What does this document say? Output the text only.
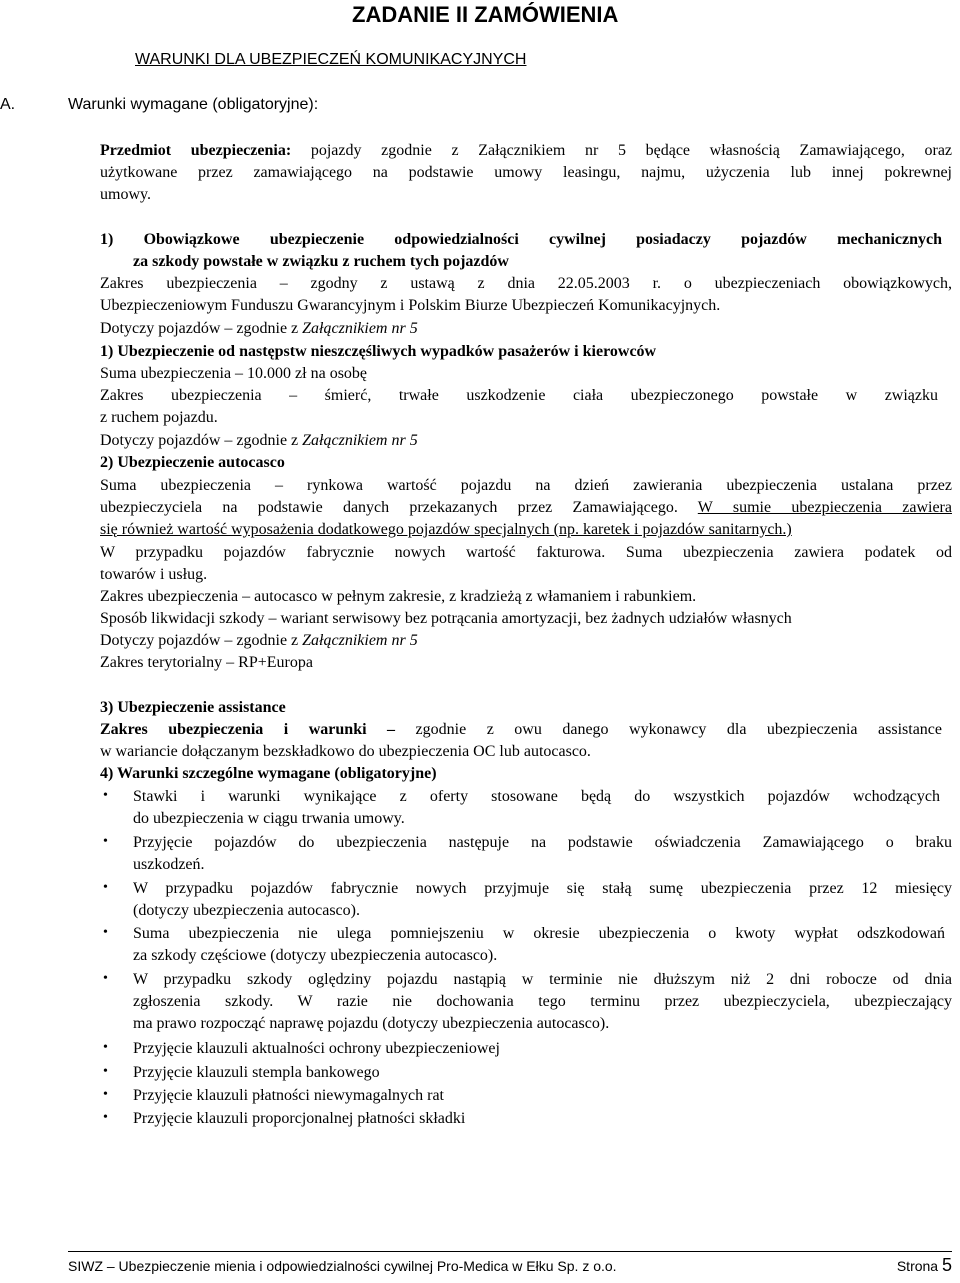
ZADANIE II ZAMÓWIENIA
WARUNKI DLA UBEZPIECZEŃ KOMUNIKACYJNYCH
A.	Warunki wymagane (obligatoryjne):
Przedmiot ubezpieczenia: pojazdy zgodnie z Załącznikiem nr 5 będące własnością Zamawiającego, oraz
użytkowane przez zamawiającego na podstawie umowy leasingu, najmu, użyczenia lub innej pokrewnej
umowy.
1) Obowiązkowe ubezpieczenie odpowiedzialności cywilnej posiadaczy pojazdów mechanicznych
za szkody powstałe w związku z ruchem tych pojazdów
Zakres ubezpieczenia – zgodny z ustawą z dnia 22.05.2003 r. o ubezpieczeniach obowiązkowych,
Ubezpieczeniowym Funduszu Gwarancyjnym i Polskim Biurze Ubezpieczeń Komunikacyjnych.
Dotyczy pojazdów – zgodnie z Załącznikiem nr 5
1) Ubezpieczenie od następstw nieszczęśliwych wypadków pasażerów i kierowców
Suma ubezpieczenia – 10.000 zł na osobę
Zakres ubezpieczenia – śmierć, trwałe uszkodzenie ciała ubezpieczonego powstałe w związku
z ruchem pojazdu.
Dotyczy pojazdów – zgodnie z Załącznikiem nr 5
2) Ubezpieczenie autocasco
Suma ubezpieczenia – rynkowa wartość pojazdu na dzień zawierania ubezpieczenia ustalana przez
ubezpieczyciela na podstawie danych przekazanych przez Zamawiającego. W sumie ubezpieczenia zawiera
się również wartość wyposażenia dodatkowego pojazdów specjalnych (np. karetek i pojazdów sanitarnych.)
W przypadku pojazdów fabrycznie nowych wartość fakturowa. Suma ubezpieczenia zawiera podatek od
towarów i usług.
Zakres ubezpieczenia – autocasco w pełnym zakresie, z kradzieżą z włamaniem i rabunkiem.
Sposób likwidacji szkody – wariant serwisowy bez potrącania amortyzacji, bez żadnych udziałów własnych
Dotyczy pojazdów – zgodnie z Załącznikiem nr 5
Zakres terytorialny – RP+Europa
3) Ubezpieczenie assistance
Zakres ubezpieczenia i warunki – zgodnie z owu danego wykonawcy dla ubezpieczenia assistance
w wariancie dołączanym bezskładkowo do ubezpieczenia OC lub autocasco.
4) Warunki szczególne wymagane (obligatoryjne)
• Stawki i warunki wynikające z oferty stosowane będą do wszystkich pojazdów wchodzących
do ubezpieczenia w ciągu trwania umowy.
• Przyjęcie pojazdów do ubezpieczenia następuje na podstawie oświadczenia Zamawiającego o braku
uszkodzeń.
• W przypadku pojazdów fabrycznie nowych przyjmuje się stałą sumę ubezpieczenia przez 12 miesięcy
(dotyczy ubezpieczenia autocasco).
• Suma ubezpieczenia nie ulega pomniejszeniu w okresie ubezpieczenia o kwoty wypłat odszkodowań
za szkody częściowe (dotyczy ubezpieczenia autocasco).
• W przypadku szkody oględziny pojazdu nastąpią w terminie nie dłuższym niż 2 dni robocze od dnia
zgłoszenia szkody. W razie nie dochowania tego terminu przez ubezpieczyciela, ubezpieczający
ma prawo rozpocząć naprawę pojazdu (dotyczy ubezpieczenia autocasco).
• Przyjęcie klauzuli aktualności ochrony ubezpieczeniowej
• Przyjęcie klauzuli stempla bankowego
• Przyjęcie klauzuli płatności niewymagalnych rat
• Przyjęcie klauzuli proporcjonalnej płatności składki
SIWZ – Ubezpieczenie mienia i odpowiedzialności cywilnej Pro-Medica w Ełku Sp. z o.o.	Strona 5
